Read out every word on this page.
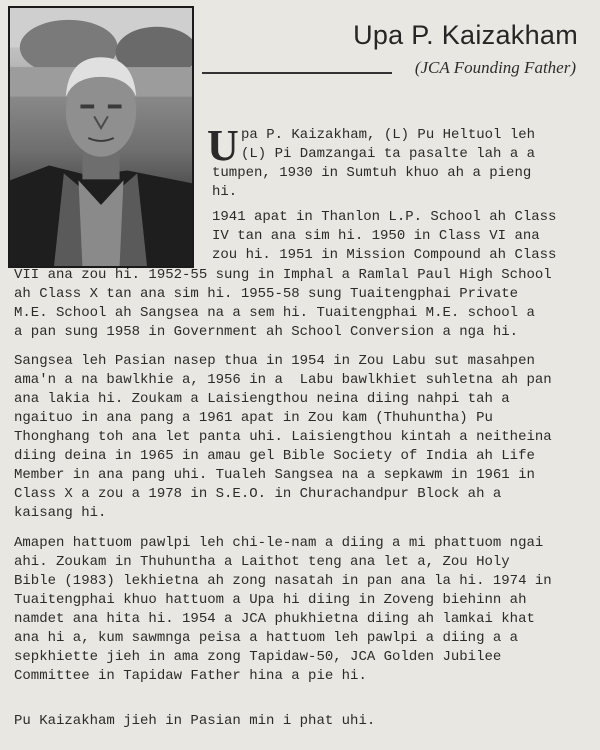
Upa P. Kaizakham
(JCA Founding Father)
U pa P. Kaizakham, (L) Pu Heltuol leh
(L) Pi Damzangai ta pasalte lah a a
tumpen, 1930 in Sumtuh khuo ah a pieng
hi.
1941 apat in Thanlon L.P. School ah Class
IV tan ana sim hi. 1950 in Class VI ana
zou hi. 1951 in Mission Compound ah Class
VII ana zou hi. 1952-55 sung in Imphal a Ramlal Paul High School
ah Class X tan ana sim hi. 1955-58 sung Tuaitengphai Private
M.E. School ah Sangsea na a sem hi. Tuaitengphai M.E. school a
a pan sung 1958 in Government ah School Conversion a nga hi.
Sangsea leh Pasian nasep thua in 1954 in Zou Labu sut masahpen
ama'n a na bawlkhie a, 1956 in a  Labu bawlkhiet suhletna ah pan
ana lakia hi. Zoukam a Laisiengthou neina diing nahpi tah a
ngaituo in ana pang a 1961 apat in Zou kam (Thuhuntha) Pu
Thonghang toh ana let panta uhi. Laisiengthou kintah a neitheina
diing deina in 1965 in amau gel Bible Society of India ah Life
Member in ana pang uhi. Tualeh Sangsea na a sepkawm in 1961 in
Class X a zou a 1978 in S.E.O. in Churachandpur Block ah a
kaisang hi.
Amapen hattuom pawlpi leh chi-le-nam a diing a mi phattuom ngai
ahi. Zoukam in Thuhuntha a Laithot teng ana let a, Zou Holy
Bible (1983) lekhietna ah zong nasatah in pan ana la hi. 1974 in
Tuaitengphai khuo hattuom a Upa hi diing in Zoveng biehinn ah
namdet ana hita hi. 1954 a JCA phukhietna diing ah lamkai khat
ana hi a, kum sawmnga peisa a hattuom leh pawlpi a diing a a
sepkhiette jieh in ama zong Tapidaw-50, JCA Golden Jubilee
Committee in Tapidaw Father hina a pie hi.
Pu Kaizakham jieh in Pasian min i phat uhi.
